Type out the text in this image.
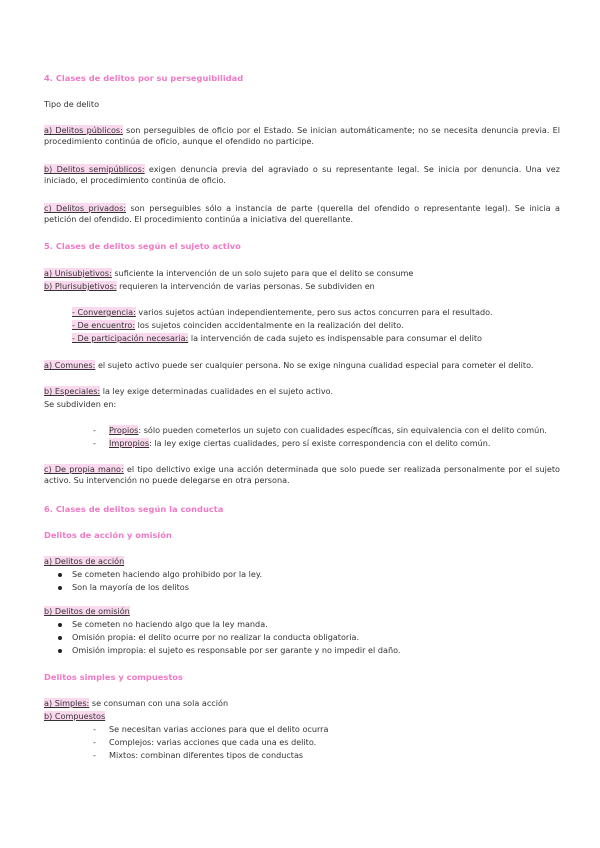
4. Clases de delitos por su perseguibilidad
Tipo de delito
a) Delitos públicos: son perseguibles de oficio por el Estado. Se inician automáticamente; no se necesita denuncia previa. El procedimiento continúa de oficio, aunque el ofendido no participe.
b) Delitos semipúblicos: exigen denuncia previa del agraviado o su representante legal. Se inicia por denuncia. Una vez iniciado, el procedimiento continúa de oficio.
c) Delitos privados: son perseguibles sólo a instancia de parte (querella del ofendido o representante legal). Se inicia a petición del ofendido. El procedimiento continúa a iniciativa del querellante.
5. Clases de delitos según el sujeto activo
a) Unisubjetivos: suficiente la intervención de un solo sujeto para que el delito se consume
b) Plurisubjetivos: requieren la intervención de varias personas. Se subdividen en
- Convergencia: varios sujetos actúan independientemente, pero sus actos concurren para el resultado.
- De encuentro: los sujetos coinciden accidentalmente en la realización del delito.
- De participación necesaria: la intervención de cada sujeto es indispensable para consumar el delito
a) Comunes: el sujeto activo puede ser cualquier persona. No se exige ninguna cualidad especial para cometer el delito.
b) Especiales: la ley exige determinadas cualidades en el sujeto activo.
Se subdividen en:
- Propios: sólo pueden cometerlos un sujeto con cualidades específicas, sin equivalencia con el delito común.
- Impropios: la ley exige ciertas cualidades, pero sí existe correspondencia con el delito común.
c) De propia mano: el tipo delictivo exige una acción determinada que solo puede ser realizada personalmente por el sujeto activo. Su intervención no puede delegarse en otra persona.
6. Clases de delitos según la conducta
Delitos de acción y omisión
a) Delitos de acción
Se cometen haciendo algo prohibido por la ley.
Son la mayoría de los delitos
b) Delitos de omisión
Se cometen no haciendo algo que la ley manda.
Omisión propia: el delito ocurre por no realizar la conducta obligatoria.
Omisión impropia: el sujeto es responsable por ser garante y no impedir el daño.
Delitos simples y compuestos
a) Simples: se consuman con una sola acción
b) Compuestos
- Se necesitan varias acciones para que el delito ocurra
- Complejos: varias acciones que cada una es delito.
- Mixtos: combinan diferentes tipos de conductas
